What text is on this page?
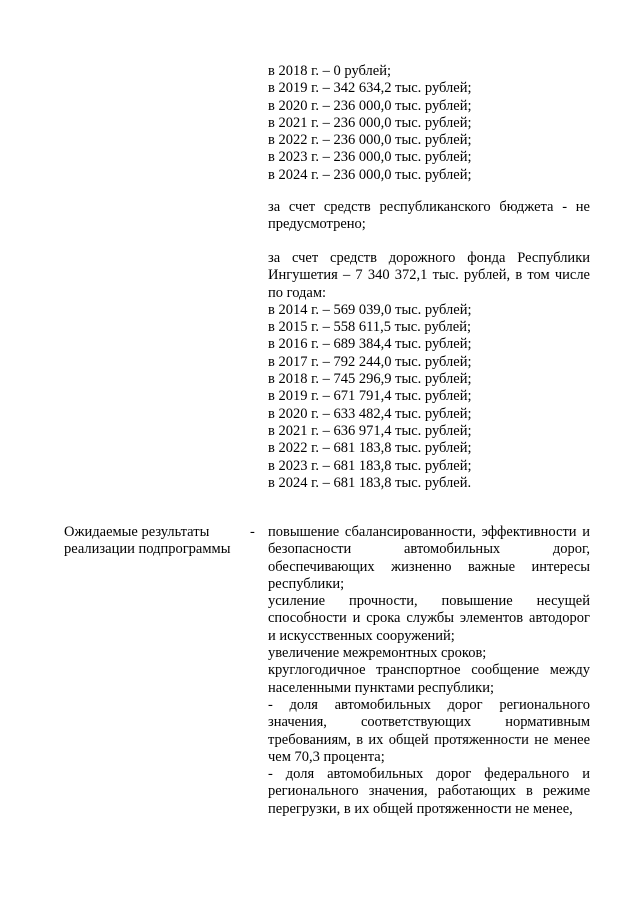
в 2018 г. – 0 рублей;
в 2019 г. – 342 634,2 тыс. рублей;
в 2020 г. – 236 000,0 тыс. рублей;
в 2021 г. – 236 000,0 тыс. рублей;
в 2022 г. – 236 000,0 тыс. рублей;
в 2023 г. – 236 000,0 тыс. рублей;
в 2024 г. – 236 000,0 тыс. рублей;
за счет средств республиканского бюджета - не предусмотрено;
за счет средств дорожного фонда Республики Ингушетия – 7 340 372,1 тыс. рублей, в том числе по годам:
в 2014 г. – 569 039,0 тыс. рублей;
в 2015 г. – 558 611,5 тыс. рублей;
в 2016 г. – 689 384,4 тыс. рублей;
в 2017 г. – 792 244,0 тыс. рублей;
в 2018 г. – 745 296,9 тыс. рублей;
в 2019 г. – 671 791,4 тыс. рублей;
в 2020 г. – 633 482,4 тыс. рублей;
в 2021 г. – 636 971,4 тыс. рублей;
в 2022 г. – 681 183,8 тыс. рублей;
в 2023 г. – 681 183,8 тыс. рублей;
в 2024 г. – 681 183,8 тыс. рублей.
Ожидаемые результаты
реализации подпрограммы
- повышение сбалансированности, эффективности и безопасности автомобильных дорог, обеспечивающих жизненно важные интересы республики;
усиление прочности, повышение несущей способности и срока службы элементов автодорог и искусственных сооружений;
увеличение межремонтных сроков;
круглогодичное транспортное сообщение между населенными пунктами республики;
- доля автомобильных дорог регионального значения, соответствующих нормативным требованиям, в их общей протяженности не менее чем 70,3 процента;
- доля автомобильных дорог федерального и регионального значения, работающих в режиме перегрузки, в их общей протяженности не менее,
